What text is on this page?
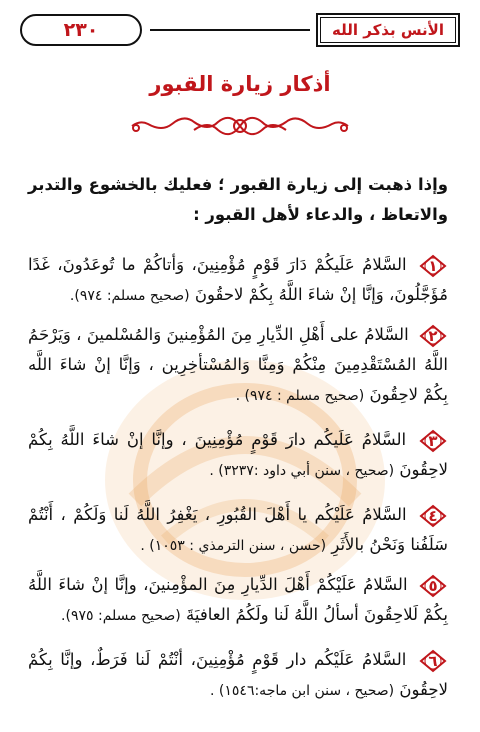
٢٣٠	الأنس بذكر الله
أذكار زيارة القبور
وإذا ذهبت إلى زيارة القبور ؛ فعليك بالخشوع والتدبر والاتعاظ ، والدعاء لأهل القبور :
١
السَّلامُ عَلَيكُمْ دَارَ قَوْمٍ مُؤْمِنِينَ، وَأتاكُمْ ما تُوعَدُونَ، غَدًا مُؤَجَّلُونَ، وَإنَّا إنْ شاءَ اللَّهُ بِكُمْ لاحقُونَ (صحيح مسلم: ٩٧٤).
٢
السَّلامُ على أَهْلِ الدِّيارِ مِنَ المُؤْمِنينَ وَالمُسْلمينَ ، وَيَرْحَمُ اللَّهُ المُسْتَقْدِمِينَ مِنْكُمْ وَمِنَّا وَالمُسْتأخِرِين ، وَإنَّا إنْ شاءَ اللَّه بِكُمْ لاحِقُونَ (صحيح مسلم : ٩٧٤) .
٣
السَّلامُ عَلَيكُم دارَ قَوْمٍ مُؤْمِنِينَ ، وإنَّا إنْ شاءَ اللَّهُ بِكُمْ لاحِقُونَ (صحيح ، سنن أبي داود :٣٢٣٧) .
٤
السَّلامُ عَلَيْكُم يا أَهْلَ القُبُورِ ، يَغْفِرُ اللَّهُ لَنا وَلَكُمْ ، أَنْتُمْ سَلَفُنا وَنَحْنُ بالأَثَرِ (حسن ، سنن الترمذي : ١٠٥٣) .
٥
السَّلامُ عَلَيْكُمْ أَهْلَ الدِّيارِ مِنَ المؤْمِنينَ، وإنَّا إنْ شاءَ اللَّهُ بِكُمْ لَلاحِقُونَ أسألُ اللَّهُ لَنا ولَكُمُ العافيَةَ (صحيح مسلم: ٩٧٥).
٦
السَّلامُ عَلَيْكُم دار قَوْمٍ مُؤْمِنِينَ، أنْتُمْ لَنا فَرَطٌ، وإنَّا بِكُمْ لاحِقُونَ (صحيح ، سنن ابن ماجه:١٥٤٦) .
